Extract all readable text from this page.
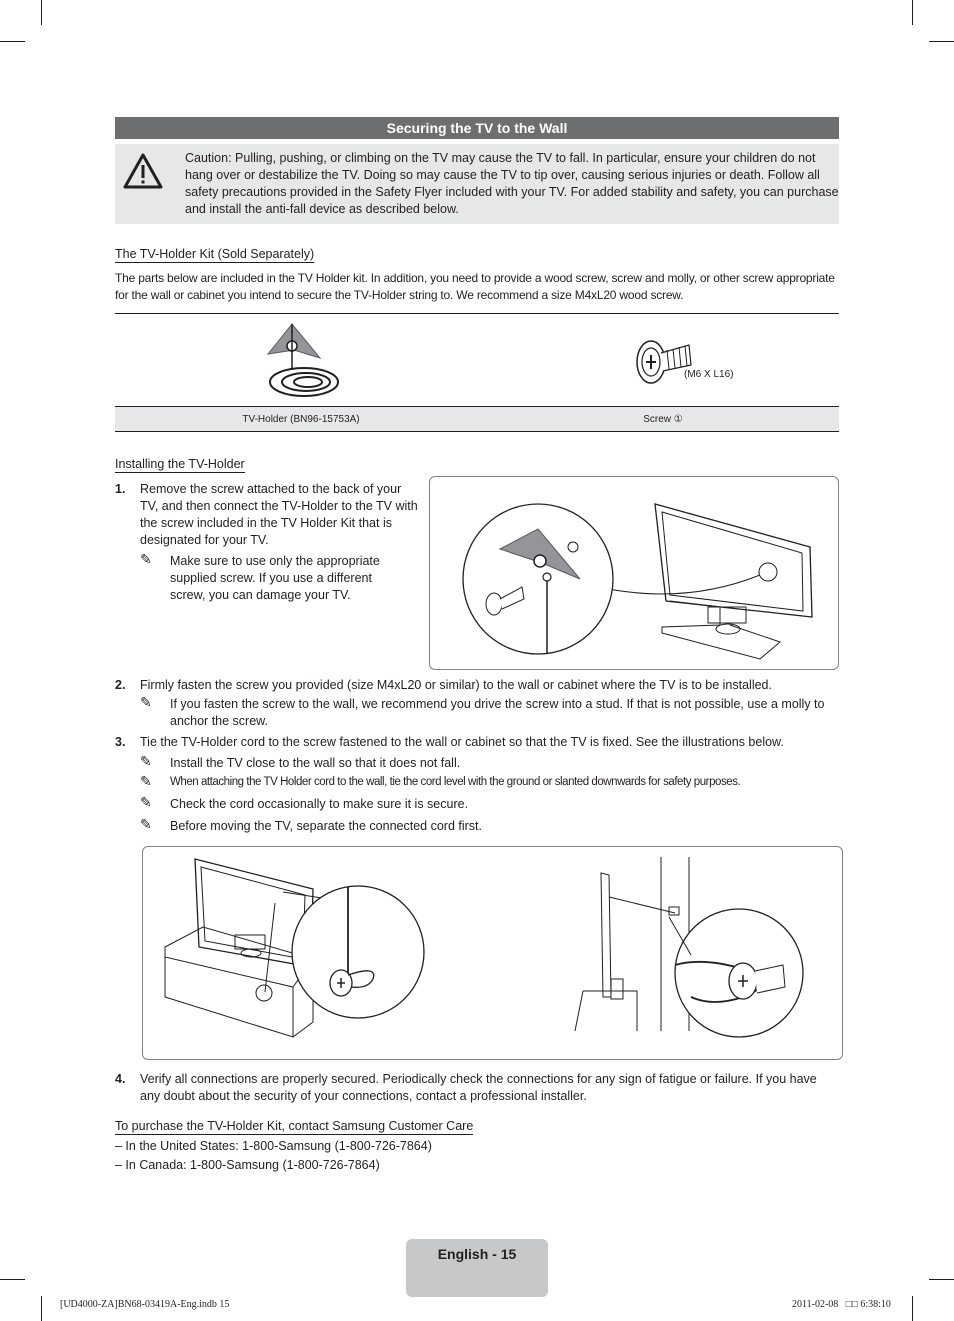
Securing the TV to the Wall
Caution: Pulling, pushing, or climbing on the TV may cause the TV to fall. In particular, ensure your children do not hang over or destabilize the TV. Doing so may cause the TV to tip over, causing serious injuries or death. Follow all safety precautions provided in the Safety Flyer included with your TV. For added stability and safety, you can purchase and install the anti-fall device as described below.
The TV-Holder Kit (Sold Separately)
The parts below are included in the TV Holder kit. In addition, you need to provide a wood screw, screw and molly, or other screw appropriate for the wall or cabinet you intend to secure the TV-Holder string to. We recommend a size M4xL20 wood screw.
(M6 X L16)
TV-Holder (BN96-15753A)	Screw ①
Installing the TV-Holder
1. Remove the screw attached to the back of your TV, and then connect the TV-Holder to the TV with the screw included in the TV Holder Kit that is designated for your TV.
✎ Make sure to use only the appropriate supplied screw. If you use a different screw, you can damage your TV.
2. Firmly fasten the screw you provided (size M4xL20 or similar) to the wall or cabinet where the TV is to be installed.
✎ If you fasten the screw to the wall, we recommend you drive the screw into a stud. If that is not possible, use a molly to anchor the screw.
3. Tie the TV-Holder cord to the screw fastened to the wall or cabinet so that the TV is fixed. See the illustrations below.
✎ Install the TV close to the wall so that it does not fall.
✎ When attaching the TV Holder cord to the wall, tie the cord level with the ground or slanted downwards for safety purposes.
✎ Check the cord occasionally to make sure it is secure.
✎ Before moving the TV, separate the connected cord first.
4. Verify all connections are properly secured. Periodically check the connections for any sign of fatigue or failure. If you have any doubt about the security of your connections, contact a professional installer.
To purchase the TV-Holder Kit, contact Samsung Customer Care
– In the United States: 1-800-Samsung (1-800-726-7864)
– In Canada: 1-800-Samsung (1-800-726-7864)
English - 15
[UD4000-ZA]BN68-03419A-Eng.indb 15	2011-02-08   □□ 6:38:10
